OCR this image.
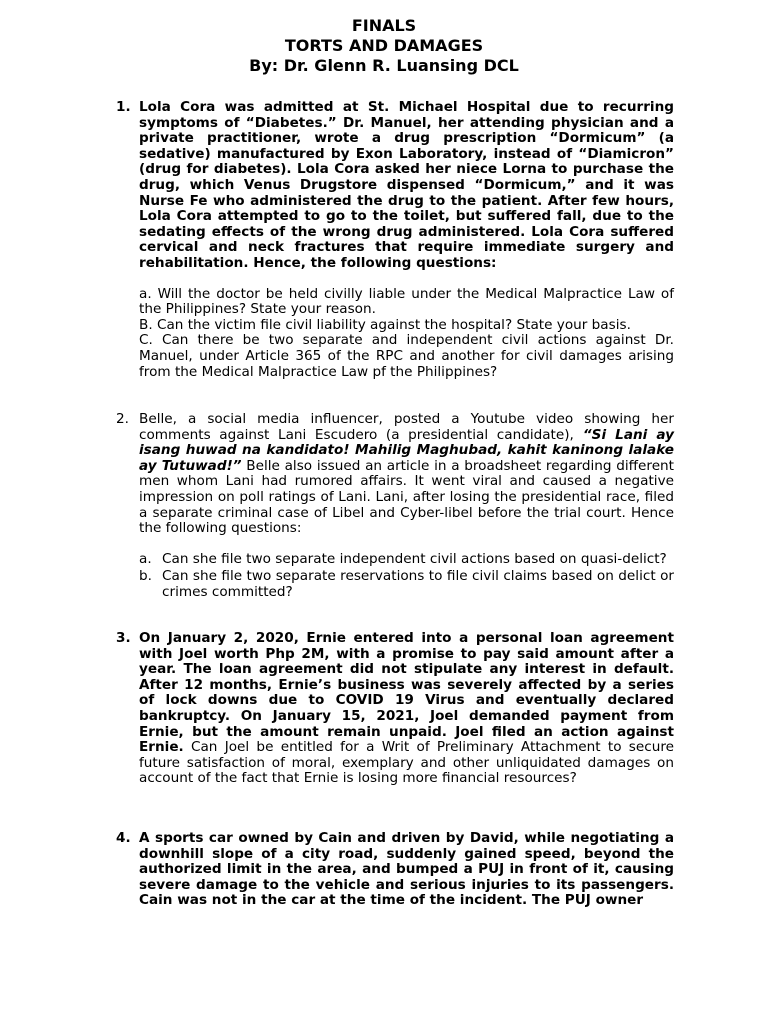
FINALS
TORTS AND DAMAGES
By: Dr. Glenn R. Luansing DCL
1. Lola Cora was admitted at St. Michael Hospital due to recurring symptoms of “Diabetes.” Dr. Manuel, her attending physician and a private practitioner, wrote a drug prescription “Dormicum” (a sedative) manufactured by Exon Laboratory, instead of “Diamicron” (drug for diabetes). Lola Cora asked her niece Lorna to purchase the drug, which Venus Drugstore dispensed “Dormicum,” and it was Nurse Fe who administered the drug to the patient. After few hours, Lola Cora attempted to go to the toilet, but suffered fall, due to the sedating effects of the wrong drug administered. Lola Cora suffered cervical and neck fractures that require immediate surgery and rehabilitation. Hence, the following questions:

a. Will the doctor be held civilly liable under the Medical Malpractice Law of the Philippines? State your reason.

B. Can the victim file civil liability against the hospital? State your basis.

C. Can there be two separate and independent civil actions against Dr. Manuel, under Article 365 of the RPC and another for civil damages arising from the Medical Malpractice Law pf the Philippines?

2. Belle, a social media influencer, posted a Youtube video showing her comments against Lani Escudero (a presidential candidate), “Si Lani ay isang huwad na kandidato! Mahilig Maghubad, kahit kaninong lalake ay Tutuwad!” Belle also issued an article in a broadsheet regarding different men whom Lani had rumored affairs. It went viral and caused a negative impression on poll ratings of Lani. Lani, after losing the presidential race, filed a separate criminal case of Libel and Cyber-libel before the trial court. Hence the following questions:

a. Can she file two separate independent civil actions based on quasi-delict?
b. Can she file two separate reservations to file civil claims based on delict or crimes committed?
3. On January 2, 2020, Ernie entered into a personal loan agreement with Joel worth Php 2M, with a promise to pay said amount after a year. The loan agreement did not stipulate any interest in default. After 12 months, Ernie’s business was severely affected by a series of lock downs due to COVID 19 Virus and eventually declared bankruptcy. On January 15, 2021, Joel demanded payment from Ernie, but the amount remain unpaid. Joel filed an action against Ernie. Can Joel be entitled for a Writ of Preliminary Attachment to secure future satisfaction of moral, exemplary and other unliquidated damages on account of the fact that Ernie is losing more financial resources?

4. A sports car owned by Cain and driven by David, while negotiating a downhill slope of a city road, suddenly gained speed, beyond the authorized limit in the area, and bumped a PUJ in front of it, causing severe damage to the vehicle and serious injuries to its passengers. Cain was not in the car at the time of the incident. The PUJ owner
